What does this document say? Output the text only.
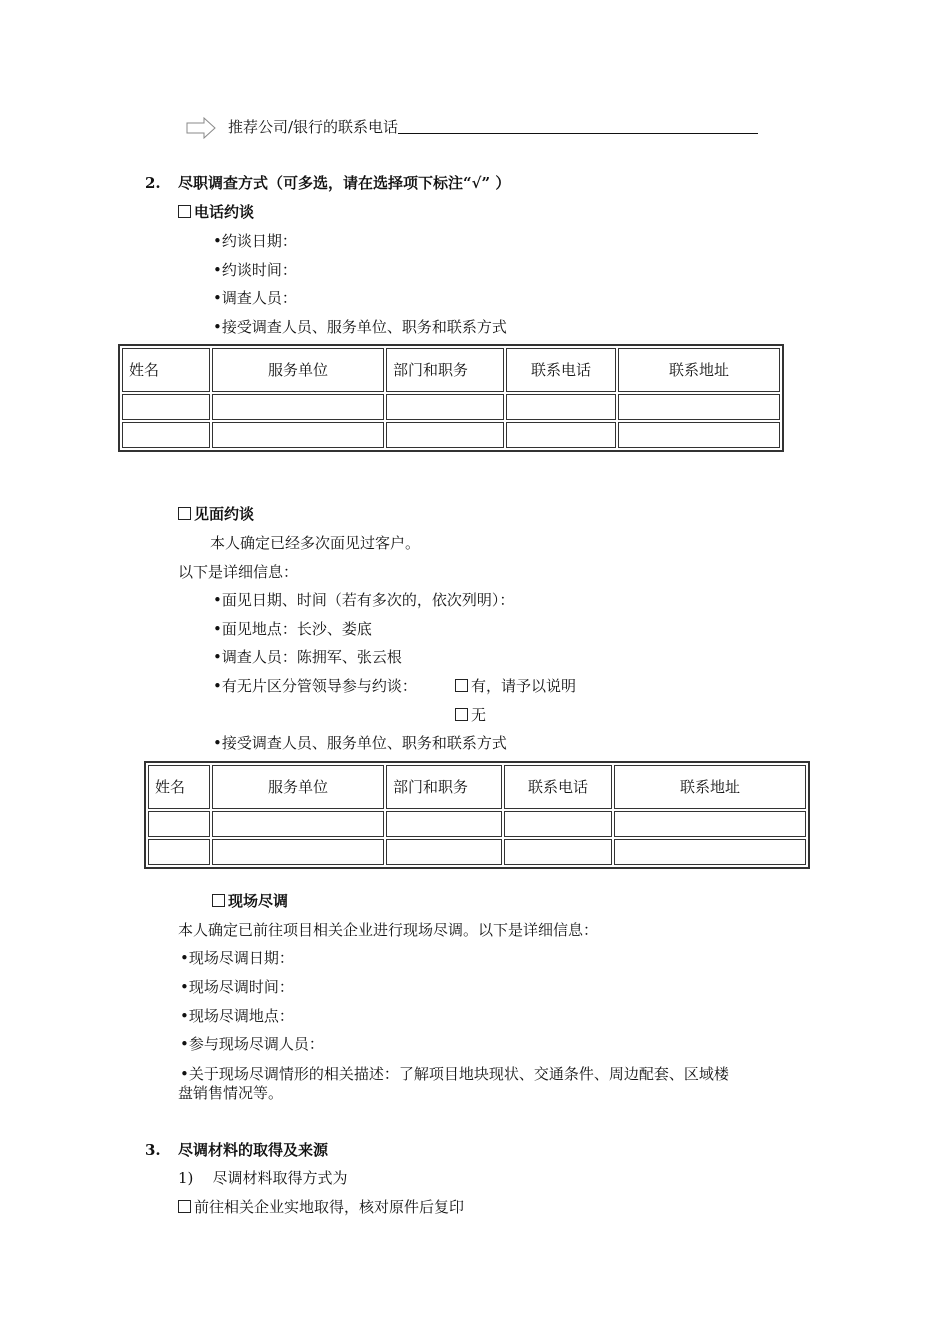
推荐公司/银行的联系电话
2. 尽职调查方式（可多选，请在选择项下标注“√” ）
电话约谈
•约谈日期：
•约谈时间：
•调查人员：
•接受调查人员、服务单位、职务和联系方式
姓名	服务单位	部门和职务	联系电话	联系地址

见面约谈
本人确定已经多次面见过客户。
以下是详细信息：
•面见日期、时间（若有多次的，依次列明）：
•面见地点：长沙、娄底
•调查人员：陈拥军、张云根
•有无片区分管领导参与约谈：	有，请予以说明
无
•接受调查人员、服务单位、职务和联系方式
姓名	服务单位	部门和职务	联系电话	联系地址

现场尽调
本人确定已前往项目相关企业进行现场尽调。以下是详细信息：
•现场尽调日期：
•现场尽调时间：
•现场尽调地点：
•参与现场尽调人员：
•关于现场尽调情形的相关描述：了解项目地块现状、交通条件、周边配套、区域楼
盘销售情况等。
3. 尽调材料的取得及来源
1)    尽调材料取得方式为
前往相关企业实地取得，核对原件后复印
